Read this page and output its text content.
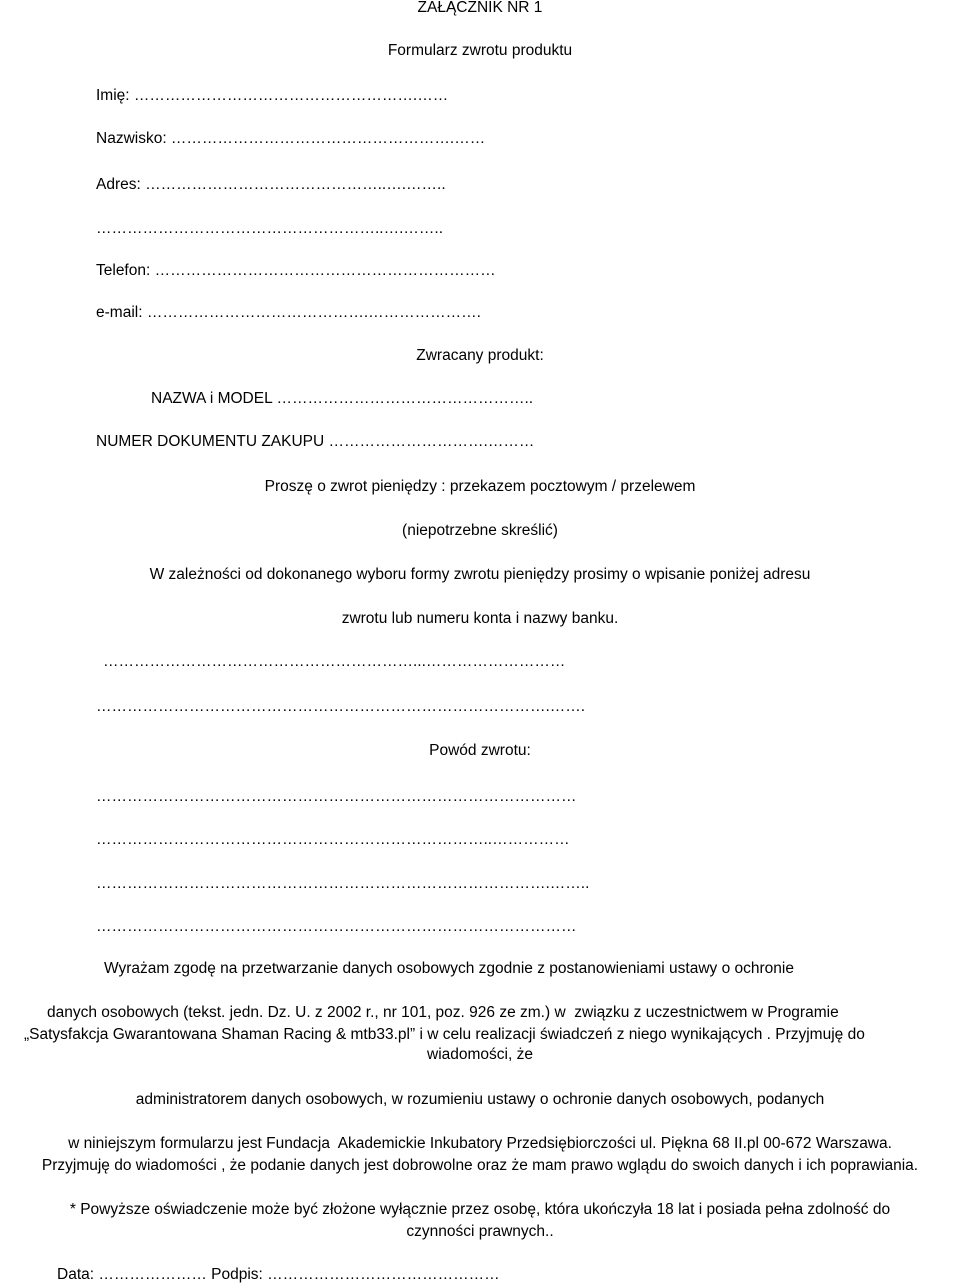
ZAŁĄCZNIK NR 1
Formularz zwrotu produktu
Imię: ……………………………………………….……
Nazwisko: ……………………………………………….……
Adres: ………………………………………..….……..
………………………………………………..….……..
Telefon: …………………………………………………………
e-mail: …………………………………….………………….
Zwracany produkt:
NAZWA i MODEL …………………………………………..
NUMER DOKUMENTU ZAKUPU ………………………….………
Proszę o zwrot pieniędzy : przekazem pocztowym / przelewem
(niepotrzebne skreślić)
W zależności od dokonanego wyboru formy zwrotu pieniędzy prosimy o wpisanie poniżej adresu
zwrotu lub numeru konta i nazwy banku.
……………………………………………………...………………………
…………………………………………………………………………….…….
Powód zwrotu:
…………………………………………………………………………………
…………………………………………………………………..……………
…………………………………………………………………………….……..
…………………………………………………………………………………
Wyrażam zgodę na przetwarzanie danych osobowych zgodnie z postanowieniami ustawy o ochronie
danych osobowych (tekst. jedn. Dz. U. z 2002 r., nr 101, poz. 926 ze zm.) w  związku z uczestnictwem w Programie
„Satysfakcja Gwarantowana Shaman Racing & mtb33.pl” i w celu realizacji świadczeń z niego wynikających . Przyjmuję do
wiadomości, że
administratorem danych osobowych, w rozumieniu ustawy o ochronie danych osobowych, podanych
w niniejszym formularzu jest Fundacja  Akademickie Inkubatory Przedsiębiorczości ul. Piękna 68 II.pl 00-672 Warszawa.
Przyjmuję do wiadomości , że podanie danych jest dobrowolne oraz że mam prawo wglądu do swoich danych i ich poprawiania.
* Powyższe oświadczenie może być złożone wyłącznie przez osobę, która ukończyła 18 lat i posiada pełna zdolność do
czynności prawnych..
Data: ………………… Podpis: ………………………………………
